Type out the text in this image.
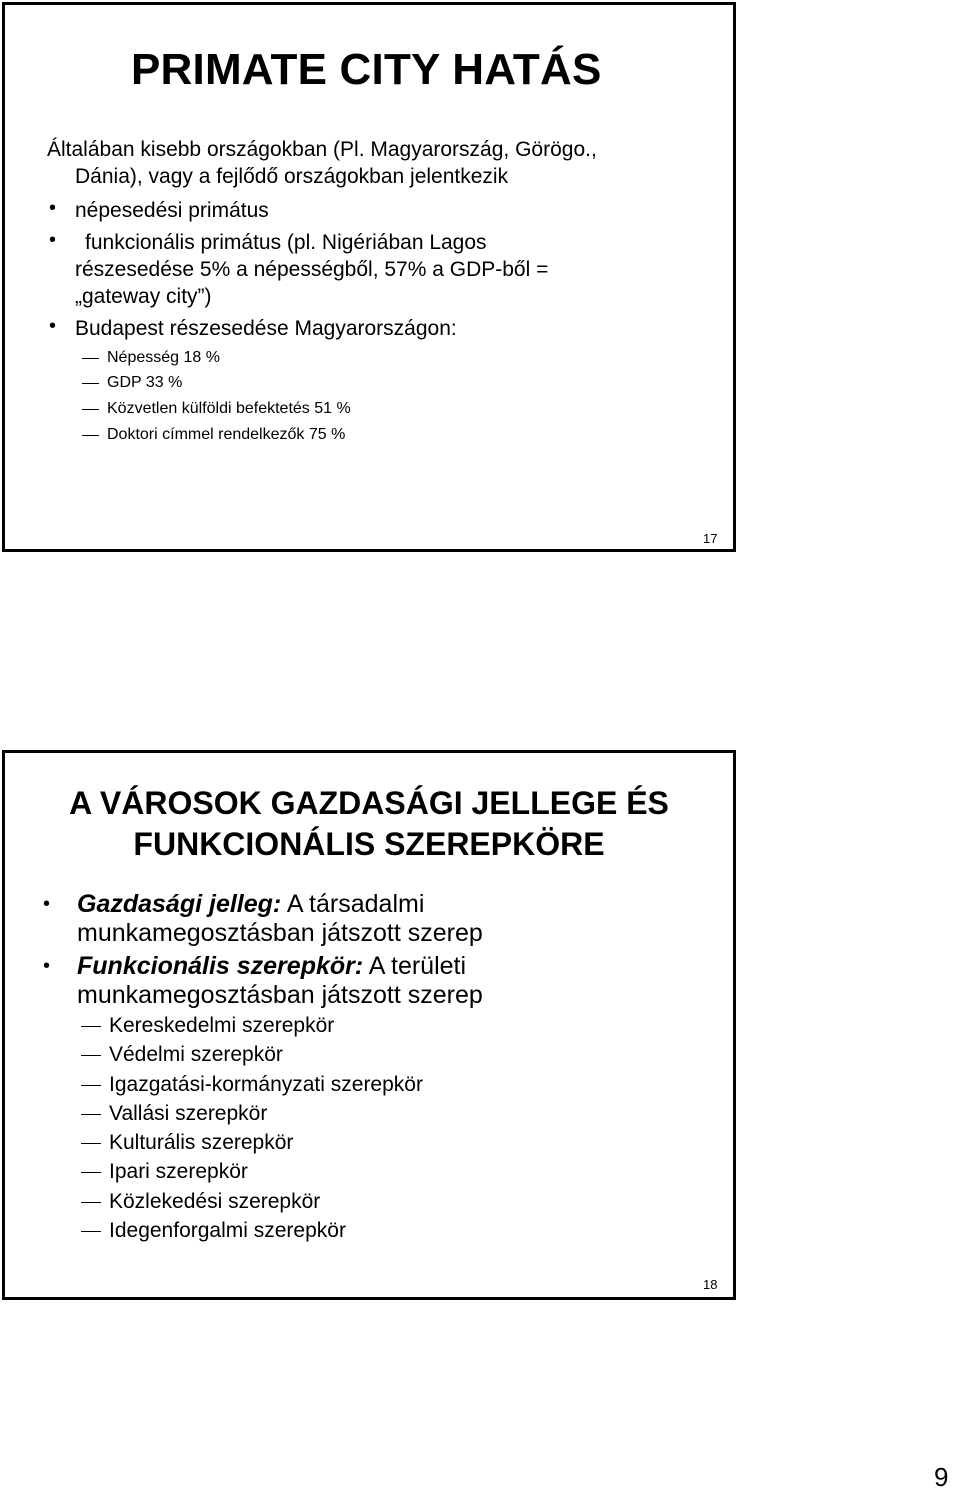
PRIMATE CITY HATÁS
Általában kisebb országokban (Pl. Magyarország, Görögo.,
Dánia), vagy a fejlődő országokban jelentkezik
• népesedési primátus
• funkcionális primátus (pl. Nigériában Lagos
részesedése 5% a népességből, 57% a GDP-ből =
„gateway city”)
• Budapest részesedése Magyarországon:
Népesség 18 %
GDP 33 %
Közvetlen külföldi befektetés 51 %
Doktori címmel rendelkezők 75 %
17
A VÁROSOK GAZDASÁGI JELLEGE ÉS
FUNKCIONÁLIS SZEREPKÖRE
• Gazdasági jelleg: A társadalmi
munkamegosztásban játszott szerep
• Funkcionális szerepkör: A területi
munkamegosztásban játszott szerep
Kereskedelmi szerepkör
Védelmi szerepkör
Igazgatási-kormányzati szerepkör
Vallási szerepkör
Kulturális szerepkör
Ipari szerepkör
Közlekedési szerepkör
Idegenforgalmi szerepkör
18
9
